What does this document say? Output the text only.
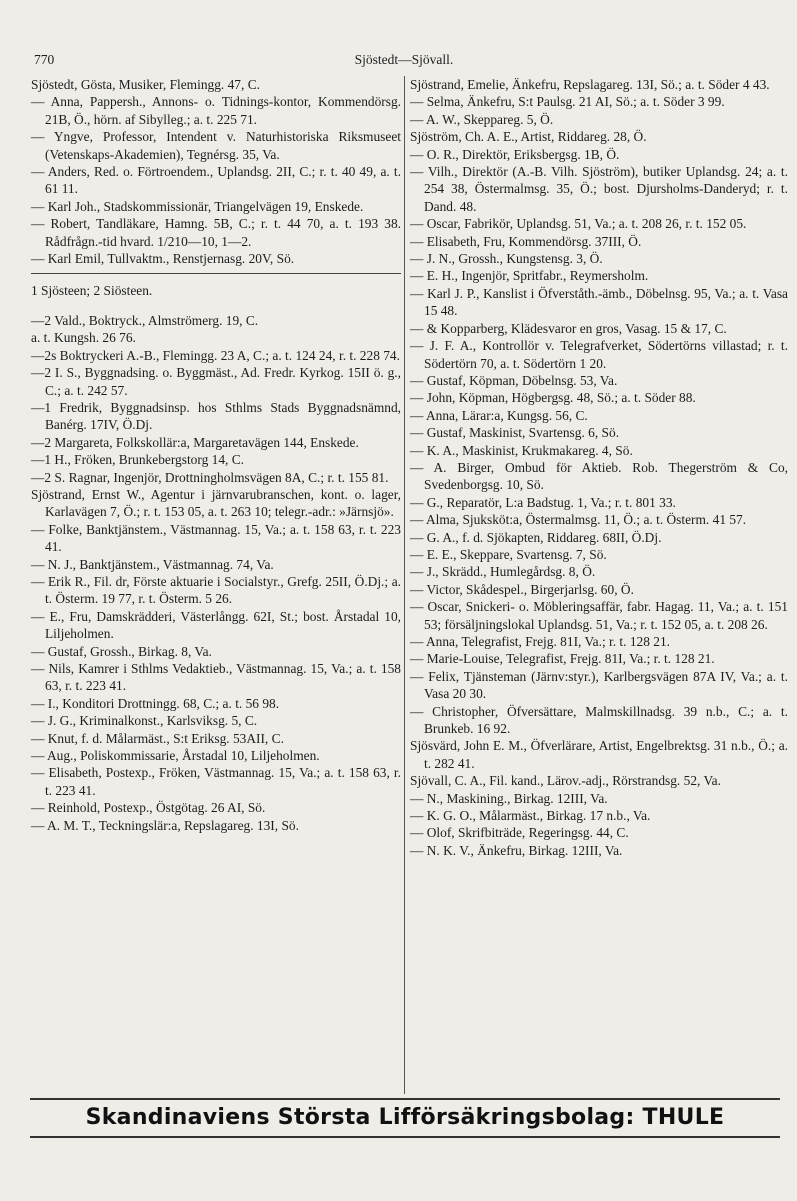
770	Sjöstedt—Sjövall.
Sjöstedt, Gösta, Musiker, Flemingg. 47, C.
— Anna, Pappersh., Annons- o. Tidnings-kontor, Kommendörsg. 21B, Ö., hörn. af Sibylleg.; a. t. 225 71.
— Yngve, Professor, Intendent v. Naturhistoriska Riksmuseet (Vetenskaps-Akademien), Tegnérsg. 35, Va.
— Anders, Red. o. Förtroendem., Uplandsg. 2II, C.; r. t. 40 49, a. t. 61 11.
— Karl Joh., Stadskommissionär, Triangelvägen 19, Enskede.
— Robert, Tandläkare, Hamng. 5B, C.; r. t. 44 70, a. t. 193 38. Rådfrågn.-tid hvard. 1/210—10, 1—2.
— Karl Emil, Tullvaktm., Renstjernasg. 20V, Sö.
1 Sjösteen; 2 Siösteen.
—2 Vald., Boktryck., Almströmerg. 19, C.
a. t. Kungsh. 26 76.
—2s Boktryckeri A.-B., Flemingg. 23 A, C.; a. t. 124 24, r. t. 228 74.
—2 I. S., Byggnadsing. o. Byggmäst., Ad. Fredr. Kyrkog. 15II ö. g., C.; a. t. 242 57.
—1 Fredrik, Byggnadsinsp. hos Sthlms Stads Byggnadsnämnd, Banérg. 17IV, Ö.Dj.
—2 Margareta, Folkskollär:a, Margaretavägen 144, Enskede.
—1 H., Fröken, Brunkebergstorg 14, C.
—2 S. Ragnar, Ingenjör, Drottningholmsvägen 8A, C.; r. t. 155 81.
Sjöstrand, Ernst W., Agentur i järnvarubranschen, kont. o. lager, Karlavägen 7, Ö.; r. t. 153 05, a. t. 263 10; telegr.-adr.: »Järnsjö».
— Folke, Banktjänstem., Västmannag. 15, Va.; a. t. 158 63, r. t. 223 41.
— N. J., Banktjänstem., Västmannag. 74, Va.
— Erik R., Fil. dr, Förste aktuarie i Socialstyr., Grefg. 25II, Ö.Dj.; a. t. Österm. 19 77, r. t. Österm. 5 26.
— E., Fru, Damskrädderi, Västerlångg. 62I, St.; bost. Årstadal 10, Liljeholmen.
— Gustaf, Grossh., Birkag. 8, Va.
— Nils, Kamrer i Sthlms Vedaktieb., Västmannag. 15, Va.; a. t. 158 63, r. t. 223 41.
— I., Konditori Drottningg. 68, C.; a. t. 56 98.
— J. G., Kriminalkonst., Karlsviksg. 5, C.
— Knut, f. d. Målarmäst., S:t Eriksg. 53AII, C.
— Aug., Poliskommissarie, Årstadal 10, Liljeholmen.
— Elisabeth, Postexp., Fröken, Västmannag. 15, Va.; a. t. 158 63, r. t. 223 41.
— Reinhold, Postexp., Östgötag. 26 AI, Sö.
— A. M. T., Teckningslär:a, Repslagareg. 13I, Sö.
Sjöstrand, Emelie, Änkefru, Repslagareg. 13I, Sö.; a. t. Söder 4 43.
— Selma, Änkefru, S:t Paulsg. 21 AI, Sö.; a. t. Söder 3 99.
— A. W., Skeppareg. 5, Ö.
Sjöström, Ch. A. E., Artist, Riddareg. 28, Ö.
— O. R., Direktör, Eriksbergsg. 1B, Ö.
— Vilh., Direktör (A.-B. Vilh. Sjöström), butiker Uplandsg. 24; a. t. 254 38, Östermalmsg. 35, Ö.; bost. Djursholms-Danderyd; r. t. Dand. 48.
— Oscar, Fabrikör, Uplandsg. 51, Va.; a. t. 208 26, r. t. 152 05.
— Elisabeth, Fru, Kommendörsg. 37III, Ö.
— J. N., Grossh., Kungstensg. 3, Ö.
— E. H., Ingenjör, Spritfabr., Reymersholm.
— Karl J. P., Kanslist i Öfverståth.-ämb., Döbelnsg. 95, Va.; a. t. Vasa 15 48.
— & Kopparberg, Klädesvaror en gros, Vasag. 15 & 17, C.
— J. F. A., Kontrollör v. Telegrafverket, Södertörns villastad; r. t. Södertörn 70, a. t. Södertörn 1 20.
— Gustaf, Köpman, Döbelnsg. 53, Va.
— John, Köpman, Högbergsg. 48, Sö.; a. t. Söder 88.
— Anna, Lärar:a, Kungsg. 56, C.
— Gustaf, Maskinist, Svartensg. 6, Sö.
— K. A., Maskinist, Krukmakareg. 4, Sö.
— A. Birger, Ombud för Aktieb. Rob. Thegerström & Co, Svedenborgsg. 10, Sö.
— G., Reparatör, L:a Badstug. 1, Va.; r. t. 801 33.
— Alma, Sjuksköt:a, Östermalmsg. 11, Ö.; a. t. Österm. 41 57.
— G. A., f. d. Sjökapten, Riddareg. 68II, Ö.Dj.
— E. E., Skeppare, Svartensg. 7, Sö.
— J., Skrädd., Humlegårdsg. 8, Ö.
— Victor, Skådespel., Birgerjarlsg. 60, Ö.
— Oscar, Snickeri- o. Möbleringsaffär, fabr. Hagag. 11, Va.; a. t. 151 53; försäljningslokal Uplandsg. 51, Va.; r. t. 152 05, a. t. 208 26.
— Anna, Telegrafist, Frejg. 81I, Va.; r. t. 128 21.
— Marie-Louise, Telegrafist, Frejg. 81I, Va.; r. t. 128 21.
— Felix, Tjänsteman (Järnv:styr.), Karlbergsvägen 87A IV, Va.; a. t. Vasa 20 30.
— Christopher, Öfversättare, Malmskillnadsg. 39 n.b., C.; a. t. Brunkeb. 16 92.
Sjösvärd, John E. M., Öfverlärare, Artist, Engelbrektsg. 31 n.b., Ö.; a. t. 282 41.
Sjövall, C. A., Fil. kand., Lärov.-adj., Rörstrandsg. 52, Va.
— N., Maskining., Birkag. 12III, Va.
— K. G. O., Målarmäst., Birkag. 17 n.b., Va.
— Olof, Skrifbiträde, Regeringsg. 44, C.
— N. K. V., Änkefru, Birkag. 12III, Va.
Skandinaviens Största Lifförsäkringsbolag: THULE
